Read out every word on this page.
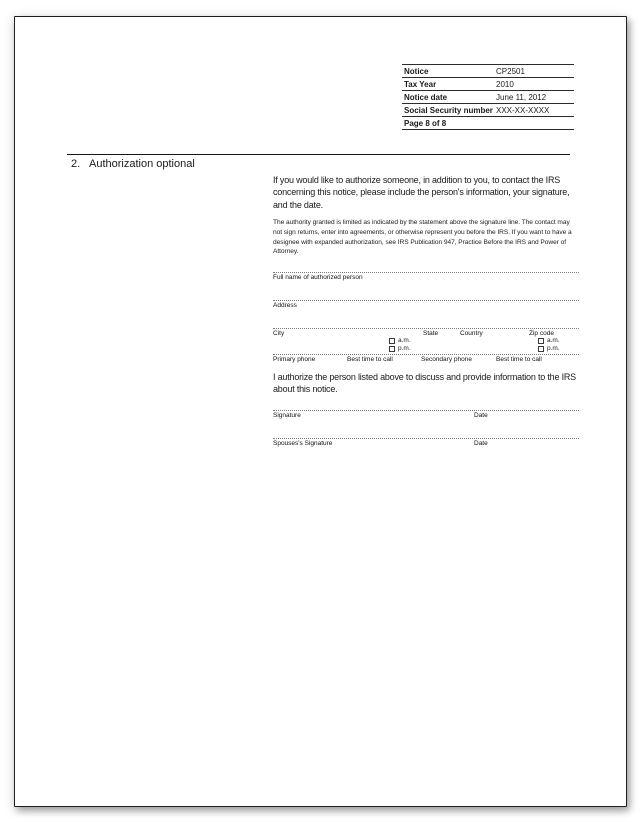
Notice	CP2501
Tax Year	2010
Notice date	June 11, 2012
Social Security number	XXX-XX-XXXX
Page 8 of 8	
2. Authorization optional

If you would like to authorize someone, in addition to you, to contact the IRS concerning this notice, please include the person's information, your signature, and the date.

The authority granted is limited as indicated by the statement above the signature line. The contact may not sign returns, enter into agreements, or otherwise represent you before the IRS. If you want to have a designee with expanded authorization, see IRS Publication 947, Practice Before the IRS and Power of Attorney.

Full name of authorized person
Address
City	State	Country	Zip code
a.m.
p.m.
a.m.
p.m.
Primary phone	Best time to call	Secondary phone	Best time to call

I authorize the person listed above to discuss and provide information to the IRS about this notice.

Signature	Date
Spouses's Signature	Date
